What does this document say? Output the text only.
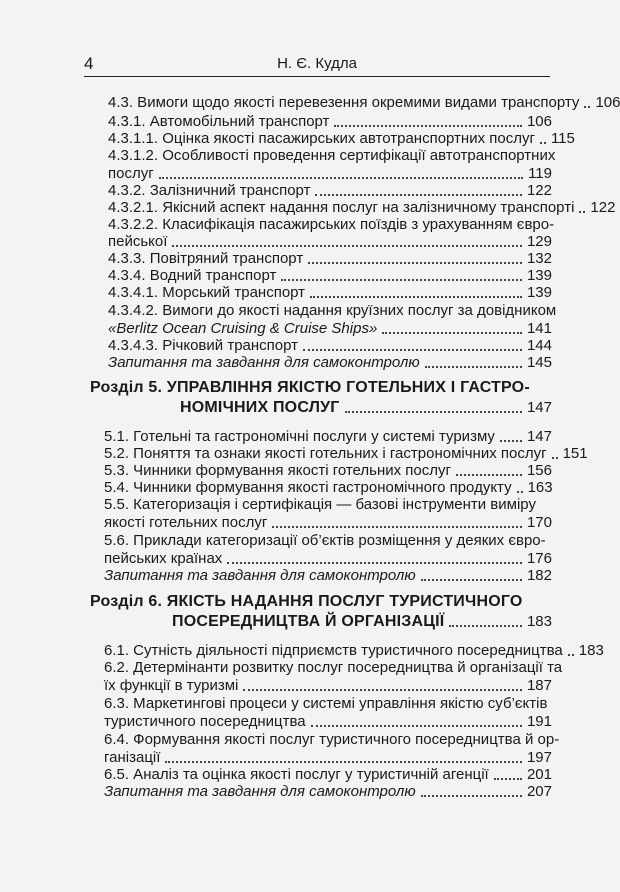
4	Н. Є. Кудла
4.3. Вимоги щодо якості перевезення окремими видами транспорту 106
4.3.1. Автомобільний транспорт	106
4.3.1.1. Оцінка якості пасажирських автотранспортних послуг 115
4.3.1.2. Особливості проведення сертифікації автотранспортних
послуг	119
4.3.2. Залізничний транспорт	122
4.3.2.1. Якісний аспект надання послуг на залізничному транспорті 122
4.3.2.2. Класифікація пасажирських поїздів з урахуванням євро-
пейської	129
4.3.3. Повітряний транспорт	132
4.3.4. Водний транспорт	139
4.3.4.1. Морський транспорт	139
4.3.4.2. Вимоги до якості надання круїзних послуг за довідником
«Berlitz Ocean Cruising & Cruise Ships»	141
4.3.4.3. Річковий транспорт	144
Запитання та завдання для самоконтролю	145
Розділ 5. УПРАВЛІННЯ ЯКІСТЮ ГОТЕЛЬНИХ І ГАСТРО-
НОМІЧНИХ ПОСЛУГ	147
5.1. Готельні та гастрономічні послуги у системі туризму 147
5.2. Поняття та ознаки якості готельних і гастрономічних послуг 151
5.3. Чинники формування якості готельних послуг	156
5.4. Чинники формування якості гастрономічного продукту 163
5.5. Категоризація і сертифікація — базові інструменти виміру
якості готельних послуг	170
5.6. Приклади категоризації об’єктів розміщення у деяких євро-
пейських країнах	176
Запитання та завдання для самоконтролю	182
Розділ 6. ЯКІСТЬ НАДАННЯ ПОСЛУГ ТУРИСТИЧНОГО
ПОСЕРЕДНИЦТВА Й ОРГАНІЗАЦІЇ	183
6.1. Сутність діяльності підприємств туристичного посередництва 183
6.2. Детермінанти розвитку послуг посередництва й організації та
їх функції в туризмі	187
6.3. Маркетингові процеси у системі управління якістю суб’єктів
туристичного посередництва	191
6.4. Формування якості послуг туристичного посередництва й ор-
ганізації	197
6.5. Аналіз та оцінка якості послуг у туристичній агенції	201
Запитання та завдання для самоконтролю	207
